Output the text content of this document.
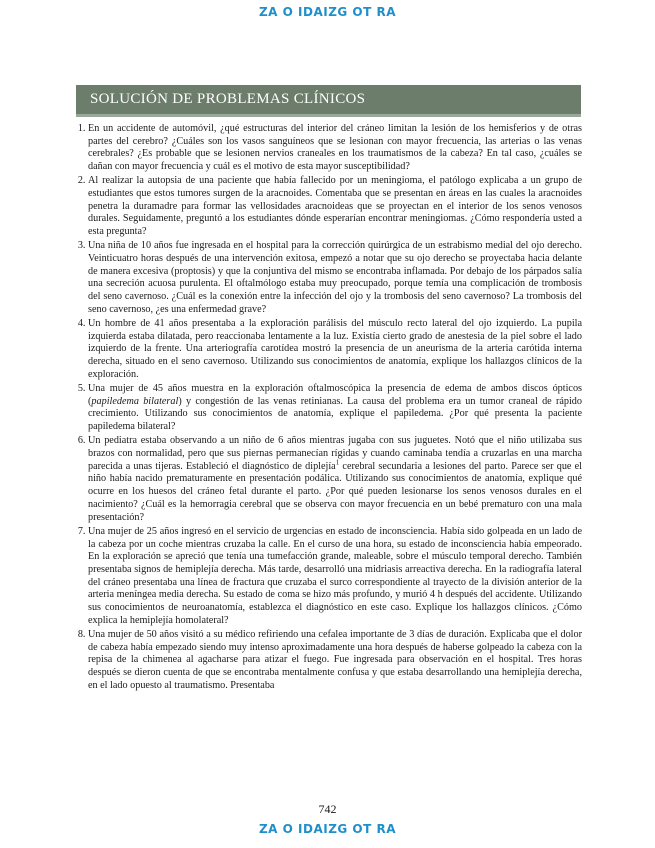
ZA O IDAIZG OT RA
SOLUCIÓN DE PROBLEMAS CLÍNICOS
1. En un accidente de automóvil, ¿qué estructuras del interior del cráneo limitan la lesión de los hemisferios y de otras partes del cerebro? ¿Cuáles son los vasos sanguíneos que se lesionan con mayor frecuencia, las arterias o las venas cerebrales? ¿Es probable que se lesionen nervios craneales en los traumatismos de la cabeza? En tal caso, ¿cuáles se dañan con mayor frecuencia y cuál es el motivo de esta mayor susceptibilidad?
2. Al realizar la autopsia de una paciente que había fallecido por un meningioma, el patólogo explicaba a un grupo de estudiantes que estos tumores surgen de la aracnoides. Comentaba que se presentan en áreas en las cuales la aracnoides penetra la duramadre para formar las vellosidades aracnoideas que se proyectan en el interior de los senos venosos durales. Seguidamente, preguntó a los estudiantes dónde esperarían encontrar meningiomas. ¿Cómo respondería usted a esta pregunta?
3. Una niña de 10 años fue ingresada en el hospital para la corrección quirúrgica de un estrabismo medial del ojo derecho. Veinticuatro horas después de una intervención exitosa, empezó a notar que su ojo derecho se proyectaba hacia delante de manera excesiva (proptosis) y que la conjuntiva del mismo se encontraba inflamada. Por debajo de los párpados salía una secreción acuosa purulenta. El oftalmólogo estaba muy preocupado, porque temía una complicación de trombosis del seno cavernoso. ¿Cuál es la conexión entre la infección del ojo y la trombosis del seno cavernoso? La trombosis del seno cavernoso, ¿es una enfermedad grave?
4. Un hombre de 41 años presentaba a la exploración parálisis del músculo recto lateral del ojo izquierdo. La pupila izquierda estaba dilatada, pero reaccionaba lentamente a la luz. Existía cierto grado de anestesia de la piel sobre el lado izquierdo de la frente. Una arteriografía carotídea mostró la presencia de un aneurisma de la arteria carótida interna derecha, situado en el seno cavernoso. Utilizando sus conocimientos de anatomía, explique los hallazgos clínicos de la exploración.
5. Una mujer de 45 años muestra en la exploración oftalmoscópica la presencia de edema de ambos discos ópticos (papiledema bilateral) y congestión de las venas retinianas. La causa del problema era un tumor craneal de rápido crecimiento. Utilizando sus conocimientos de anatomía, explique el papiledema. ¿Por qué presenta la paciente papiledema bilateral?
6. Un pediatra estaba observando a un niño de 6 años mientras jugaba con sus juguetes. Notó que el niño utilizaba sus brazos con normalidad, pero que sus piernas permanecían rígidas y cuando caminaba tendía a cruzarlas en una marcha parecida a unas tijeras. Estableció el diagnóstico de diplejía$^1$ cerebral secundaria a lesiones del parto. Parece ser que el niño había nacido prematuramente en presentación podálica. Utilizando sus conocimientos de anatomía, explique qué ocurre en los huesos del cráneo fetal durante el parto. ¿Por qué pueden lesionarse los senos venosos durales en el nacimiento? ¿Cuál es la hemorragia cerebral que se observa con mayor frecuencia en un bebé prematuro con una mala presentación?
7. Una mujer de 25 años ingresó en el servicio de urgencias en estado de inconsciencia. Había sido golpeada en un lado de la cabeza por un coche mientras cruzaba la calle. En el curso de una hora, su estado de inconsciencia había empeorado. En la exploración se apreció que tenía una tumefacción grande, maleable, sobre el músculo temporal derecho. También presentaba signos de hemiplejía derecha. Más tarde, desarrolló una midriasis arreactiva derecha. En la radiografía lateral del cráneo presentaba una línea de fractura que cruzaba el surco correspondiente al trayecto de la división anterior de la arteria meníngea media derecha. Su estado de coma se hizo más profundo, y murió 4 h después del accidente. Utilizando sus conocimientos de neuroanatomía, establezca el diagnóstico en este caso. Explique los hallazgos clínicos. ¿Cómo explica la hemiplejía homolateral?
8. Una mujer de 50 años visitó a su médico refiriendo una cefalea importante de 3 días de duración. Explicaba que el dolor de cabeza había empezado siendo muy intenso aproximadamente una hora después de haberse golpeado la cabeza con la repisa de la chimenea al agacharse para atizar el fuego. Fue ingresada para observación en el hospital. Tres horas después se dieron cuenta de que se encontraba mentalmente confusa y que estaba desarrollando una hemiplejía derecha, en el lado opuesto al traumatismo. Presentaba
742
ZA O IDAIZG OT RA
